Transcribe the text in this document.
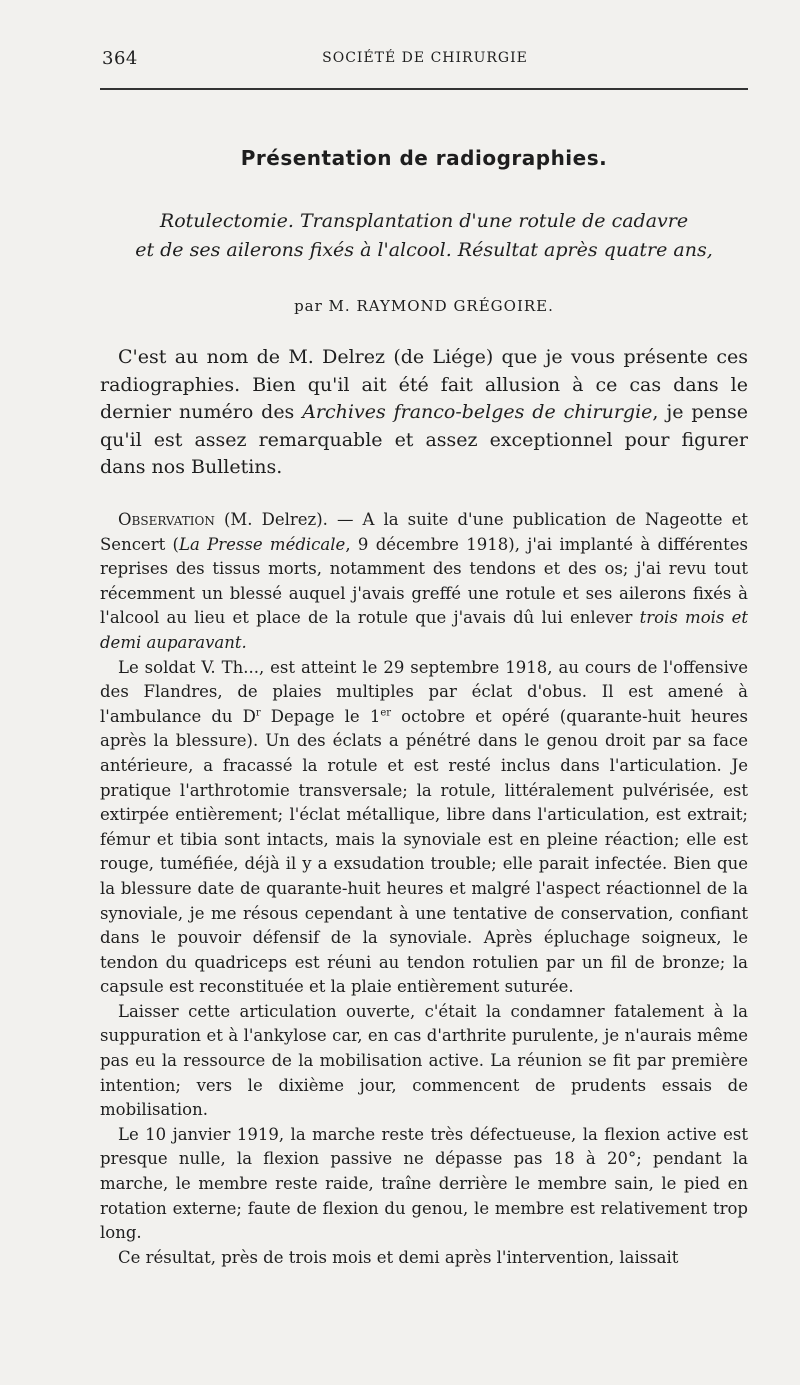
364	SOCIÉTÉ DE CHIRURGIE
Présentation de radiographies.
Rotulectomie. Transplantation d'une rotule de cadavre
et de ses ailerons fixés à l'alcool. Résultat après quatre ans,
par M. RAYMOND GRÉGOIRE.

C'est au nom de M. Delrez (de Liége) que je vous présente ces radiographies. Bien qu'il ait été fait allusion à ce cas dans le dernier numéro des Archives franco-belges de chirurgie, je pense qu'il est assez remarquable et assez exceptionnel pour figurer dans nos Bulletins.

Observation (M. Delrez). — A la suite d'une publication de Nageotte et Sencert (La Presse médicale, 9 décembre 1918), j'ai implanté à différentes reprises des tissus morts, notamment des tendons et des os; j'ai revu tout récemment un blessé auquel j'avais greffé une rotule et ses ailerons fixés à l'alcool au lieu et place de la rotule que j'avais dû lui enlever trois mois et demi auparavant.

Le soldat V. Th..., est atteint le 29 septembre 1918, au cours de l'offensive des Flandres, de plaies multiples par éclat d'obus. Il est amené à l'ambulance du $D^r$ Depage le 1er octobre et opéré (quarante-huit heures après la blessure). Un des éclats a pénétré dans le genou droit par sa face antérieure, a fracassé la rotule et est resté inclus dans l'articulation. Je pratique l'arthrotomie transversale; la rotule, littéralement pulvérisée, est extirpée entièrement; l'éclat métallique, libre dans l'articulation, est extrait; fémur et tibia sont intacts, mais la synoviale est en pleine réaction; elle est rouge, tuméfiée, déjà il y a exsudation trouble; elle parait infectée. Bien que la blessure date de quarante-huit heures et malgré l'aspect réactionnel de la synoviale, je me résous cependant à une tentative de conservation, confiant dans le pouvoir défensif de la synoviale. Après épluchage soigneux, le tendon du quadriceps est réuni au tendon rotulien par un fil de bronze; la capsule est reconstituée et la plaie entièrement suturée.

Laisser cette articulation ouverte, c'était la condamner fatalement à la suppuration et à l'ankylose car, en cas d'arthrite purulente, je n'aurais même pas eu la ressource de la mobilisation active. La réunion se fit par première intention; vers le dixième jour, commencent de prudents essais de mobilisation.

Le 10 janvier 1919, la marche reste très défectueuse, la flexion active est presque nulle, la flexion passive ne dépasse pas 18 à 20°; pendant la marche, le membre reste raide, traîne derrière le membre sain, le pied en rotation externe; faute de flexion du genou, le membre est relativement trop long.

Ce résultat, près de trois mois et demi après l'intervention, laissait
